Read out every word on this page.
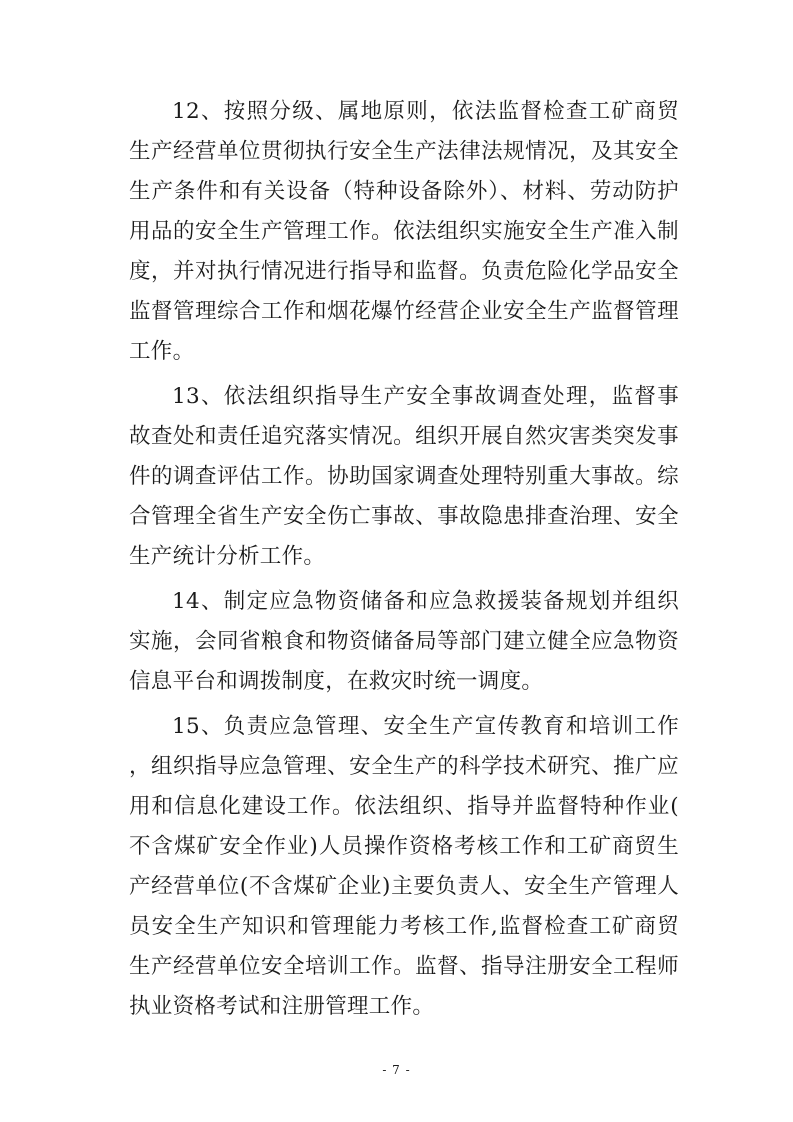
12、按照分级、属地原则，依法监督检查工矿商贸生产经营单位贯彻执行安全生产法律法规情况，及其安全生产条件和有关设备（特种设备除外）、材料、劳动防护用品的安全生产管理工作。依法组织实施安全生产准入制度，并对执行情况进行指导和监督。负责危险化学品安全监督管理综合工作和烟花爆竹经营企业安全生产监督管理工作。

13、依法组织指导生产安全事故调查处理，监督事故查处和责任追究落实情况。组织开展自然灾害类突发事件的调查评估工作。协助国家调查处理特别重大事故。综合管理全省生产安全伤亡事故、事故隐患排查治理、安全生产统计分析工作。

14、制定应急物资储备和应急救援装备规划并组织实施，会同省粮食和物资储备局等部门建立健全应急物资信息平台和调拨制度，在救灾时统一调度。

15、负责应急管理、安全生产宣传教育和培训工作，组织指导应急管理、安全生产的科学技术研究、推广应用和信息化建设工作。依法组织、指导并监督特种作业(不含煤矿安全作业)人员操作资格考核工作和工矿商贸生产经营单位(不含煤矿企业)主要负责人、安全生产管理人员安全生产知识和管理能力考核工作,监督检查工矿商贸生产经营单位安全培训工作。监督、指导注册安全工程师执业资格考试和注册管理工作。

- 7 -
